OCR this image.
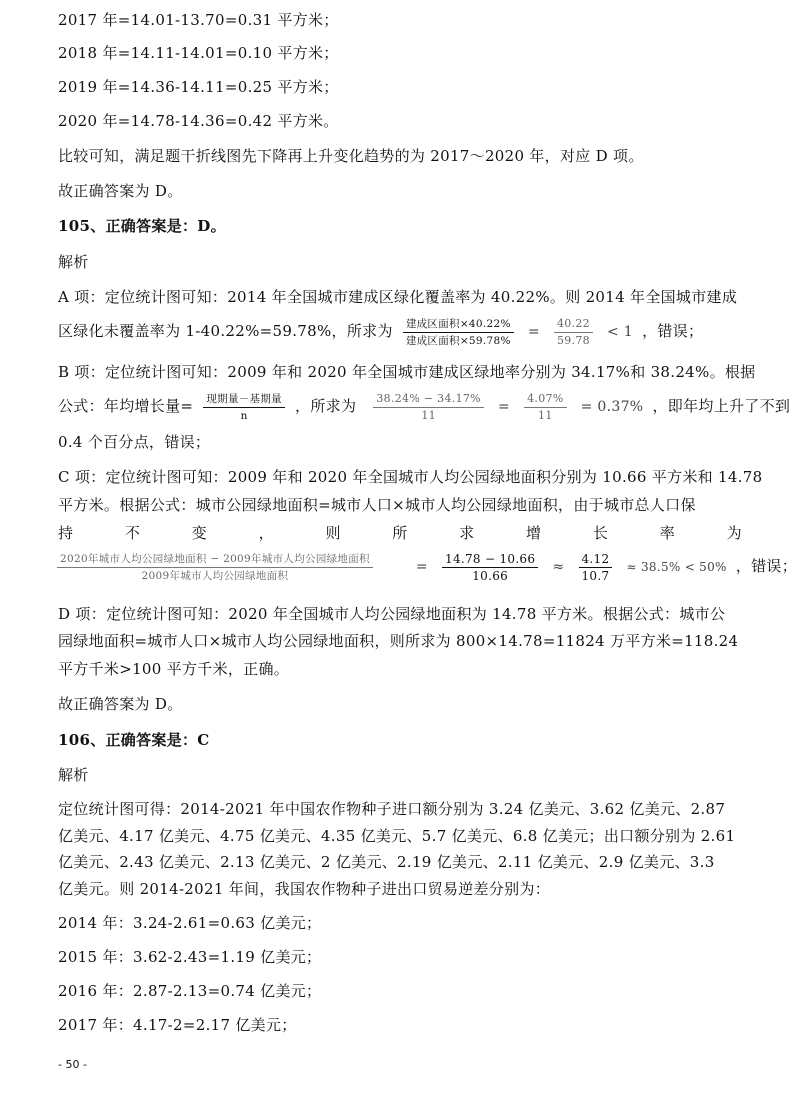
2017 年=14.01-13.70=0.31 平方米；
2018 年=14.11-14.01=0.10 平方米；
2019 年=14.36-14.11=0.25 平方米；
2020 年=14.78-14.36=0.42 平方米。
比较可知，满足题干折线图先下降再上升变化趋势的为 2017～2020 年，对应 D 项。
故正确答案为 D。
105、正确答案是：D。
解析
A 项：定位统计图可知：2014 年全国城市建成区绿化覆盖率为 40.22%。则 2014 年全国城市建成
区绿化未覆盖率为 1-40.22%=59.78%，所求为 $\frac{\text{建成区面积×40.22\%}}{\text{建成区面积×59.78\%}} = \frac{40.22}{59.78} < 1$ ，错误；
B 项：定位统计图可知：2009 年和 2020 年全国城市建成区绿地率分别为 34.17%和 38.24%。根据
公式：年均增长量= $\frac{\text{现期量－基期量}}{n}$ ，所求为 $\frac{38.24\% - 34.17\%}{11} = \frac{4.07\%}{11} = 0.37\%$ ，即年均上升了不到
0.4 个百分点，错误；
C 项：定位统计图可知：2009 年和 2020 年全国城市人均公园绿地面积分别为 10.66 平方米和 14.78
平方米。根据公式：城市公园绿地面积=城市人口×城市人均公园绿地面积，由于城市总人口保
持	不	变	，	则	所	求	增	长	率	为
$\frac{\text{2020年城市人均公园绿地面积 − 2009年城市人均公园绿地面积}}{\text{2009年城市人均公园绿地面积}}$	= $\frac{14.78 - 10.66}{10.66} \approx \frac{4.12}{10.7} \approx 38.5\% < 50\%$ ，错误；
D 项：定位统计图可知：2020 年全国城市人均公园绿地面积为 14.78 平方米。根据公式：城市公
园绿地面积=城市人口×城市人均公园绿地面积，则所求为 800×14.78=11824 万平方米=118.24
平方千米>100 平方千米，正确。
故正确答案为 D。
106、正确答案是：C
解析
定位统计图可得：2014-2021 年中国农作物种子进口额分别为 3.24 亿美元、3.62 亿美元、2.87
亿美元、4.17 亿美元、4.75 亿美元、4.35 亿美元、5.7 亿美元、6.8 亿美元；出口额分别为 2.61
亿美元、2.43 亿美元、2.13 亿美元、2 亿美元、2.19 亿美元、2.11 亿美元、2.9 亿美元、3.3
亿美元。则 2014-2021 年间，我国农作物种子进出口贸易逆差分别为：
2014 年：3.24-2.61=0.63 亿美元；
2015 年：3.62-2.43=1.19 亿美元；
2016 年：2.87-2.13=0.74 亿美元；
2017 年：4.17-2=2.17 亿美元；
- 50 -
